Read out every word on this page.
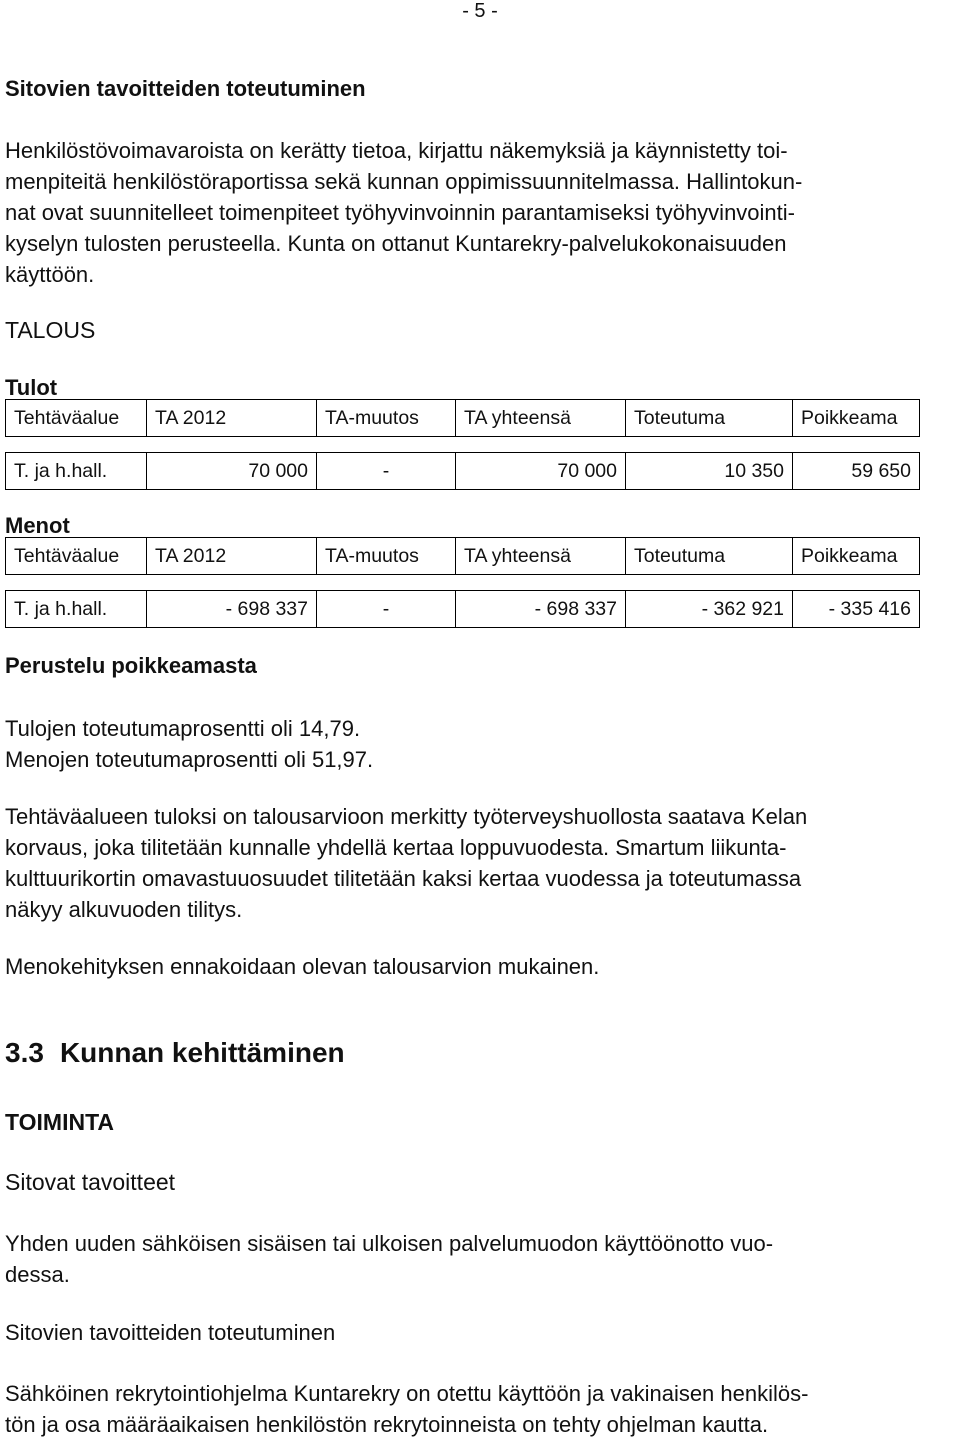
- 5 -
Sitovien tavoitteiden toteutuminen
Henkilöstövoimavaroista on kerätty tietoa, kirjattu näkemyksiä ja käynnistetty toi-
menpiteitä henkilöstöraportissa sekä kunnan oppimissuunnitelmassa. Hallintokun-
nat ovat suunnitelleet toimenpiteet työhyvinvoinnin parantamiseksi työhyvinvointi-
kyselyn tulosten perusteella. Kunta on ottanut Kuntarekry-palvelukokonaisuuden
käyttöön.
TALOUS
Tulot
Tehtäväalue	TA 2012	TA-muutos	TA yhteensä	Toteutuma	Poikkeama

T. ja h.hall.	70 000	-	70 000	10 350	59 650
Menot
Tehtäväalue	TA 2012	TA-muutos	TA yhteensä	Toteutuma	Poikkeama

T. ja h.hall.	- 698 337	-	- 698 337	- 362 921	- 335 416
Perustelu poikkeamasta
Tulojen toteutumaprosentti oli 14,79.
Menojen toteutumaprosentti oli 51,97.
Tehtäväalueen tuloksi on talousarvioon merkitty työterveyshuollosta saatava Kelan
korvaus, joka tilitetään kunnalle yhdellä kertaa loppuvuodesta. Smartum liikunta-
kulttuurikortin omavastuuosuudet tilitetään kaksi kertaa vuodessa ja toteutumassa
näkyy alkuvuoden tilitys.
Menokehityksen ennakoidaan olevan talousarvion mukainen.
3.3 Kunnan kehittäminen
TOIMINTA
Sitovat tavoitteet
Yhden uuden sähköisen sisäisen tai ulkoisen palvelumuodon käyttöönotto vuo-
dessa.
Sitovien tavoitteiden toteutuminen
Sähköinen rekrytointiohjelma Kuntarekry on otettu käyttöön ja vakinaisen henkilös-
tön ja osa määräaikaisen henkilöstön rekrytoinneista on tehty ohjelman kautta.
